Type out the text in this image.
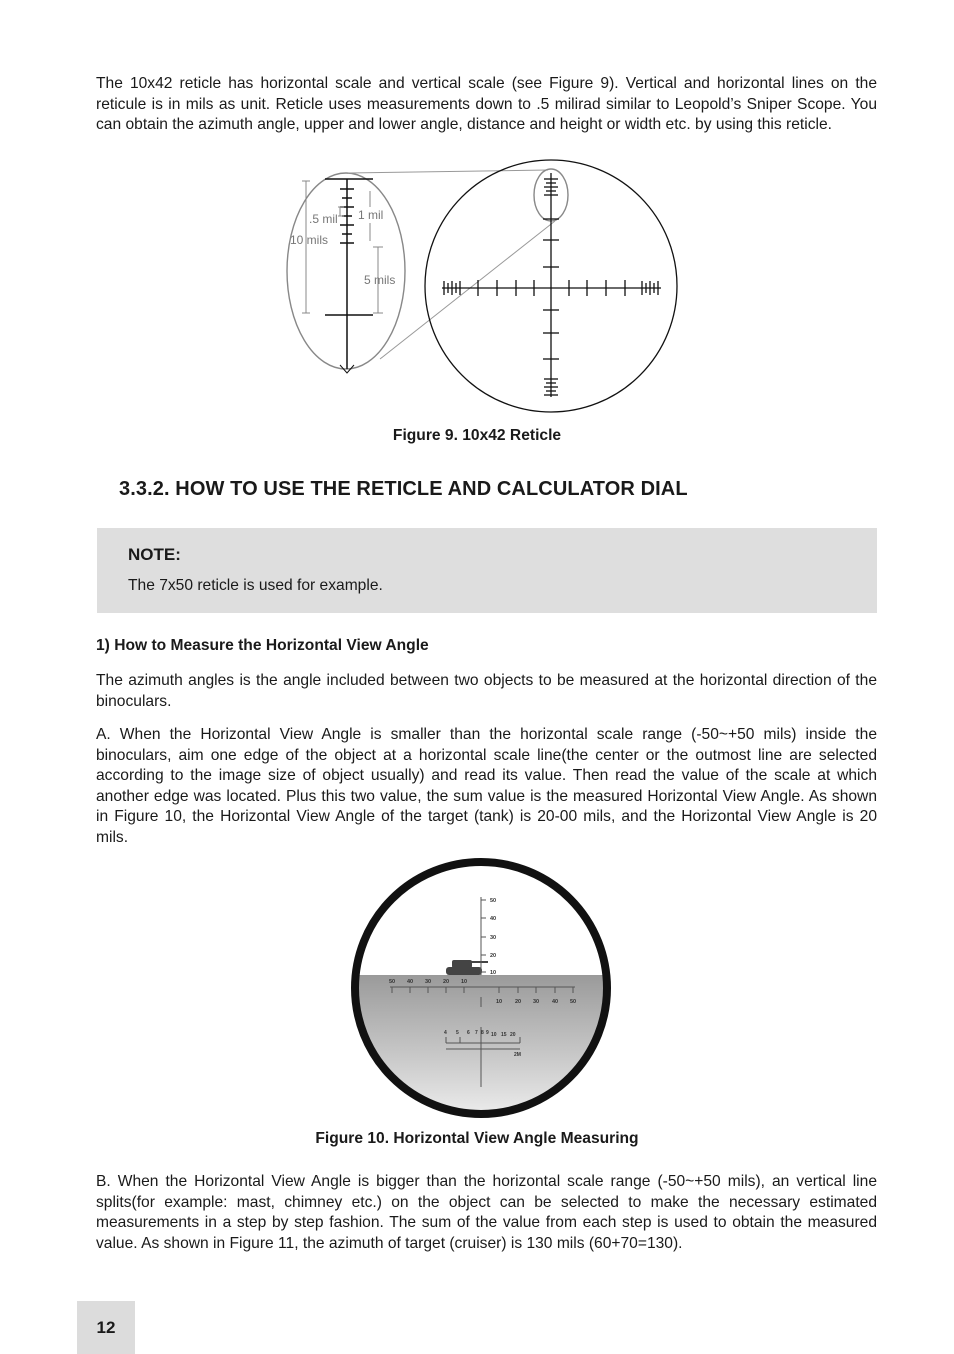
The 10x42 reticle has horizontal scale and vertical scale (see Figure 9). Vertical and horizontal lines on the reticule is in mils as unit. Reticle uses measurements down to .5 milirad similar to Leopold’s Sniper Scope. You can obtain the azimuth angle, upper and lower angle, distance and height or width etc. by using this reticle.

.5 mil 1 mil
10 mils
5 mils

Figure 9. 10x42 Reticle

3.3.2. HOW TO USE THE RETICLE AND CALCULATOR DIAL

NOTE:

The 7x50 reticle is used for example.

1) How to Measure the Horizontal View Angle

The azimuth angles is the angle included between two objects to be measured at the horizontal direction of the binoculars.

A. When the Horizontal View Angle is smaller than the horizontal scale range (-50~+50 mils) inside the binoculars, aim one edge of the object at a horizontal scale line(the center or the outmost line are selected according to the image size of object usually) and read its value. Then read the value of the scale at which another edge was located. Plus this two value, the sum value is the measured Horizontal View Angle. As shown in Figure 10, the Horizontal View Angle of the target (tank) is 20-00 mils, and the Horizontal View Angle is 20 mils.

50
40
30
20
10
50 40 30 20 10
10 20 30 40 50
4 5 6 7 8 9 10 15 20
2M

Figure 10. Horizontal View Angle Measuring

B. When the Horizontal View Angle is bigger than the horizontal scale range (-50~+50 mils), an vertical line splits(for example: mast, chimney etc.) on the object can be selected to make the necessary estimated measurements in a step by step fashion. The sum of the value from each step is used to obtain the measured value. As shown in Figure 11, the azimuth of target (cruiser) is 130 mils (60+70=130).

12
